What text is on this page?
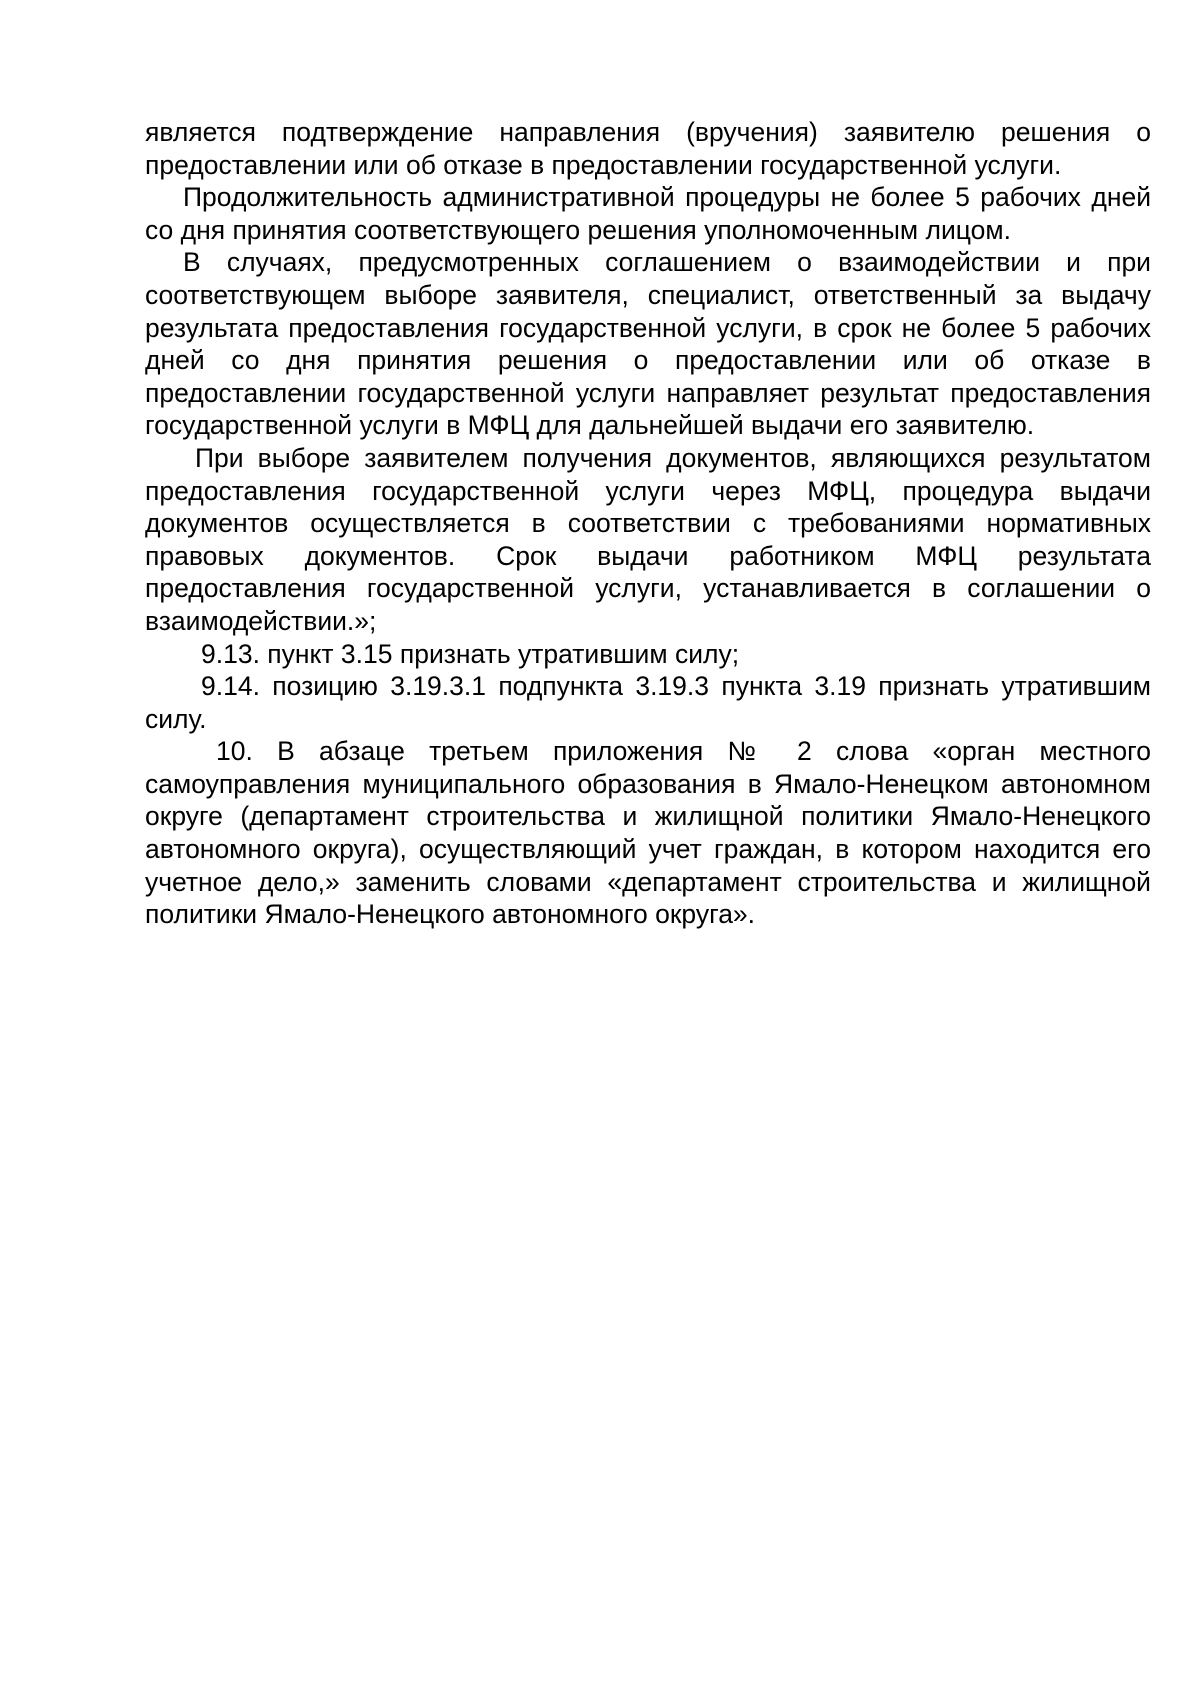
является подтверждение направления (вручения) заявителю решения о предоставлении или об отказе в предоставлении государственной услуги.

Продолжительность административной процедуры не более 5 рабочих дней со дня принятия соответствующего решения уполномоченным лицом.

В случаях, предусмотренных соглашением о взаимодействии и при соответствующем выборе заявителя, специалист, ответственный за выдачу результата предоставления государственной услуги, в срок не более 5 рабочих дней со дня принятия решения о предоставлении или об отказе в предоставлении государственной услуги направляет результат предоставления государственной услуги в МФЦ для дальнейшей выдачи его заявителю.

При выборе заявителем получения документов, являющихся результатом предоставления государственной услуги через МФЦ, процедура выдачи документов осуществляется в соответствии с требованиями нормативных правовых документов. Срок выдачи работником МФЦ результата предоставления государственной услуги, устанавливается в соглашении о взаимодействии.»;

9.13. пункт 3.15 признать утратившим силу;

9.14. позицию 3.19.3.1 подпункта 3.19.3 пункта 3.19 признать утратившим силу.

10. В абзаце третьем приложения № 2 слова «орган местного самоуправления муниципального образования в Ямало-Ненецком автономном округе (департамент строительства и жилищной политики Ямало-Ненецкого автономного округа), осуществляющий учет граждан, в котором находится его учетное дело,» заменить словами «департамент строительства и жилищной политики Ямало-Ненецкого автономного округа».
